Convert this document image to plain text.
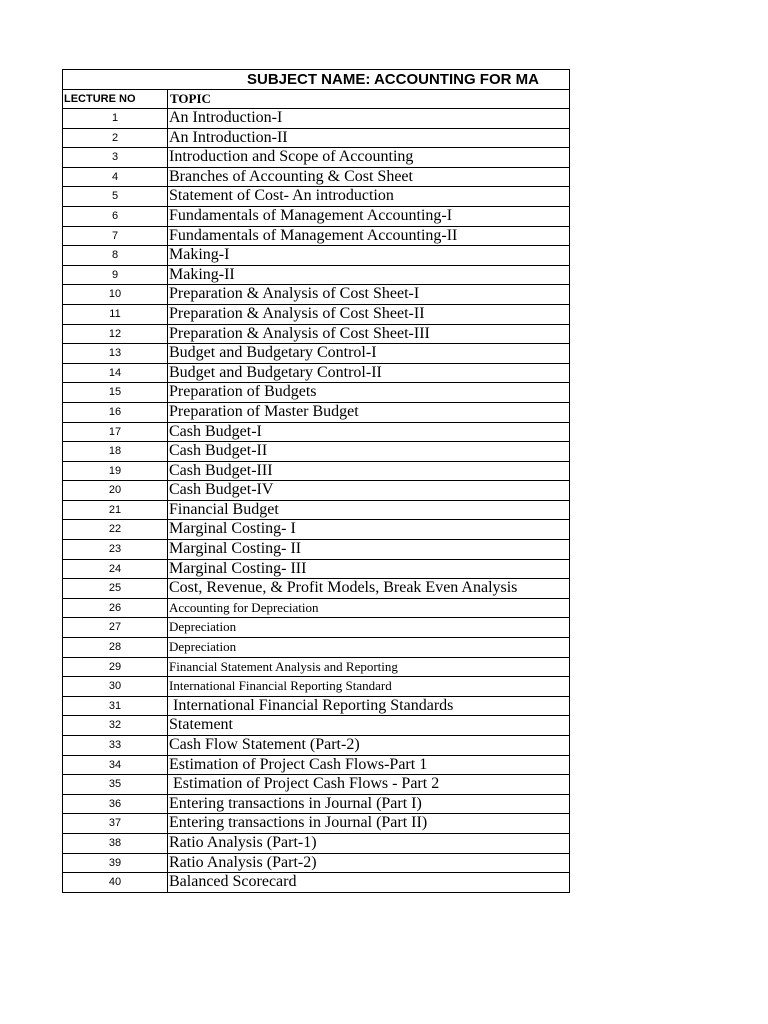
SUBJECT NAME: ACCOUNTING FOR MA	
LECTURE NO	TOPIC
1	An Introduction-I
2	An Introduction-II
3	Introduction and Scope of Accounting
4	Branches of Accounting & Cost Sheet
5	Statement of Cost- An introduction
6	Fundamentals of Management Accounting-I
7	Fundamentals of Management Accounting-II
8	Making-I
9	Making-II
10	Preparation & Analysis of Cost Sheet-I
11	Preparation & Analysis of Cost Sheet-II
12	Preparation & Analysis of Cost Sheet-III
13	Budget and Budgetary Control-I
14	Budget and Budgetary Control-II
15	Preparation of Budgets
16	Preparation of Master Budget
17	Cash Budget-I
18	Cash Budget-II
19	Cash Budget-III
20	Cash Budget-IV
21	Financial Budget
22	Marginal Costing- I
23	Marginal Costing- II
24	Marginal Costing- III
25	Cost, Revenue, & Profit Models, Break Even Analysis
26	Accounting for Depreciation
27	Depreciation
28	Depreciation
29	Financial Statement Analysis and Reporting
30	International Financial Reporting Standard
31	International Financial Reporting Standards
32	Statement
33	Cash Flow Statement (Part-2)
34	Estimation of Project Cash Flows-Part 1
35	Estimation of Project Cash Flows - Part 2
36	Entering transactions in Journal (Part I)
37	Entering transactions in Journal (Part II)
38	Ratio Analysis (Part-1)
39	Ratio Analysis (Part-2)
40	Balanced Scorecard
